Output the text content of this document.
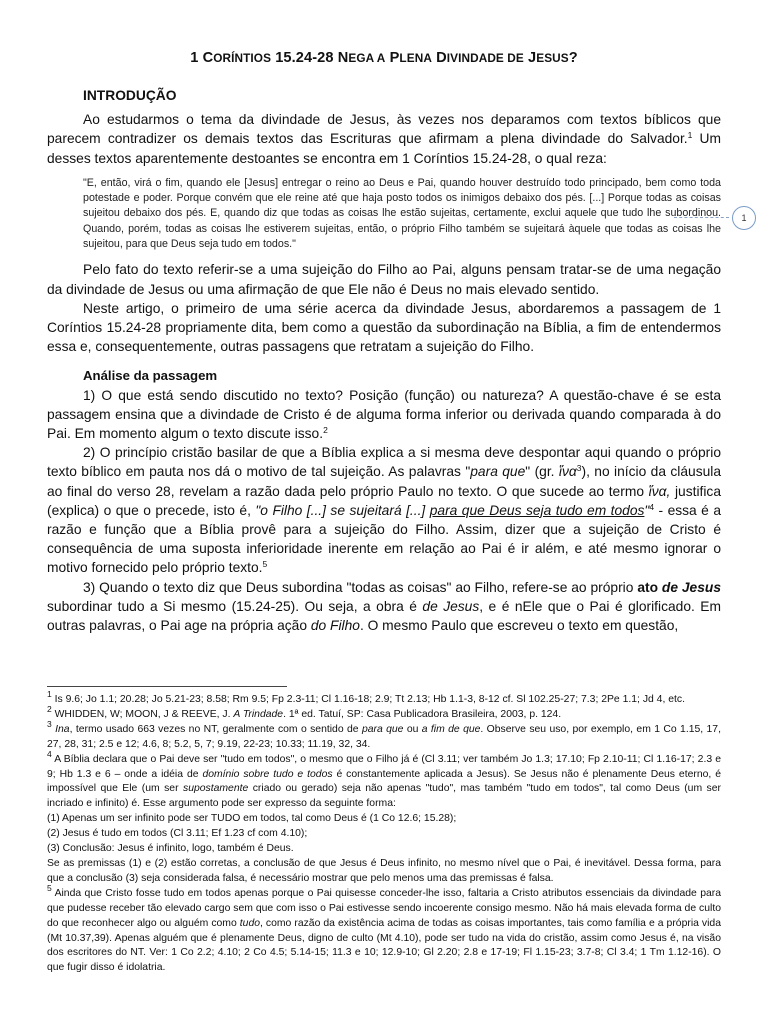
1 CORÍNTIOS 15.24-28 NEGA A PLENA DIVINDADE DE JESUS?
INTRODUÇÃO

Ao estudarmos o tema da divindade de Jesus, às vezes nos deparamos com textos bíblicos que parecem contradizer os demais textos das Escrituras que afirmam a plena divindade do Salvador.$^1$ Um desses textos aparentemente destoantes se encontra em 1 Coríntios 15.24-28, o qual reza:

"E, então, virá o fim, quando ele [Jesus] entregar o reino ao Deus e Pai, quando houver destruído todo principado, bem como toda potestade e poder. Porque convém que ele reine até que haja posto todos os inimigos debaixo dos pés. [...] Porque todas as coisas sujeitou debaixo dos pés. E, quando diz que todas as coisas lhe estão sujeitas, certamente, exclui aquele que tudo lhe subordinou. Quando, porém, todas as coisas lhe estiverem sujeitas, então, o próprio Filho também se sujeitará àquele que todas as coisas lhe sujeitou, para que Deus seja tudo em todos."

Pelo fato do texto referir-se a uma sujeição do Filho ao Pai, alguns pensam tratar-se de uma negação da divindade de Jesus ou uma afirmação de que Ele não é Deus no mais elevado sentido.

Neste artigo, o primeiro de uma série acerca da divindade Jesus, abordaremos a passagem de 1 Coríntios 15.24-28 propriamente dita, bem como a questão da subordinação na Bíblia, a fim de entendermos essa e, consequentemente, outras passagens que retratam a sujeição do Filho.

Análise da passagem

1) O que está sendo discutido no texto? Posição (função) ou natureza? A questão-chave é se esta passagem ensina que a divindade de Cristo é de alguma forma inferior ou derivada quando comparada à do Pai. Em momento algum o texto discute isso.$^2$

2) O princípio cristão basilar de que a Bíblia explica a si mesma deve despontar aqui quando o próprio texto bíblico em pauta nos dá o motivo de tal sujeição. As palavras "para que" (gr. ἵνα$^3$), no início da cláusula ao final do verso 28, revelam a razão dada pelo próprio Paulo no texto. O que sucede ao termo ἵνα, justifica (explica) o que o precede, isto é, "o Filho [...] se sujeitará [...] para que Deus seja tudo em todos"$^4$ - essa é a razão e função que a Bíblia provê para a sujeição do Filho. Assim, dizer que a sujeição de Cristo é consequência de uma suposta inferioridade inerente em relação ao Pai é ir além, e até mesmo ignorar o motivo fornecido pelo próprio texto.$^5$

3) Quando o texto diz que Deus subordina "todas as coisas" ao Filho, refere-se ao próprio ato de Jesus subordinar tudo a Si mesmo (15.24-25). Ou seja, a obra é de Jesus, e é nEle que o Pai é glorificado. Em outras palavras, o Pai age na própria ação do Filho. O mesmo Paulo que escreveu o texto em questão,

$^1$ Is 9.6; Jo 1.1; 20.28; Jo 5.21-23; 8.58; Rm 9.5; Fp 2.3-11; Cl 1.16-18; 2.9; Tt 2.13; Hb 1.1-3, 8-12 cf. Sl 102.25-27; 7.3; 2Pe 1.1; Jd 4, etc.
$^2$ WHIDDEN, W; MOON, J & REEVE, J. A Trindade. 1ª ed. Tatuí, SP: Casa Publicadora Brasileira, 2003, p. 124.
$^3$ Ina, termo usado 663 vezes no NT, geralmente com o sentido de para que ou a fim de que. Observe seu uso, por exemplo, em 1 Co 1.15, 17, 27, 28, 31; 2.5 e 12; 4.6, 8; 5.2, 5, 7; 9.19, 22-23; 10.33; 11.19, 32, 34.
$^4$ A Bíblia declara que o Pai deve ser "tudo em todos", o mesmo que o Filho já é (Cl 3.11; ver também Jo 1.3; 17.10; Fp 2.10-11; Cl 1.16-17; 2.3 e 9; Hb 1.3 e 6 – onde a idéia de domínio sobre tudo e todos é constantemente aplicada a Jesus). Se Jesus não é plenamente Deus eterno, é impossível que Ele (um ser supostamente criado ou gerado) seja não apenas "tudo", mas também "tudo em todos", tal como Deus (um ser incriado e infinito) é. Esse argumento pode ser expresso da seguinte forma:
(1) Apenas um ser infinito pode ser TUDO em todos, tal como Deus é (1 Co 12.6; 15.28);
(2) Jesus é tudo em todos (Cl 3.11; Ef 1.23 cf com 4.10);
(3) Conclusão: Jesus é infinito, logo, também é Deus.
Se as premissas (1) e (2) estão corretas, a conclusão de que Jesus é Deus infinito, no mesmo nível que o Pai, é inevitável. Dessa forma, para que a conclusão (3) seja considerada falsa, é necessário mostrar que pelo menos uma das premissas é falsa.
$^5$ Ainda que Cristo fosse tudo em todos apenas porque o Pai quisesse conceder-lhe isso, faltaria a Cristo atributos essenciais da divindade para que pudesse receber tão elevado cargo sem que com isso o Pai estivesse sendo incoerente consigo mesmo. Não há mais elevada forma de culto do que reconhecer algo ou alguém como tudo, como razão da existência acima de todas as coisas importantes, tais como família e a própria vida (Mt 10.37,39). Apenas alguém que é plenamente Deus, digno de culto (Mt 4.10), pode ser tudo na vida do cristão, assim como Jesus é, na visão dos escritores do NT. Ver: 1 Co 2.2; 4.10; 2 Co 4.5; 5.14-15; 11.3 e 10; 12.9-10; Gl 2.20; 2.8 e 17-19; Fl 1.15-23; 3.7-8; Cl 3.4; 1 Tm 1.12-16). O que fugir disso é idolatria.
1
